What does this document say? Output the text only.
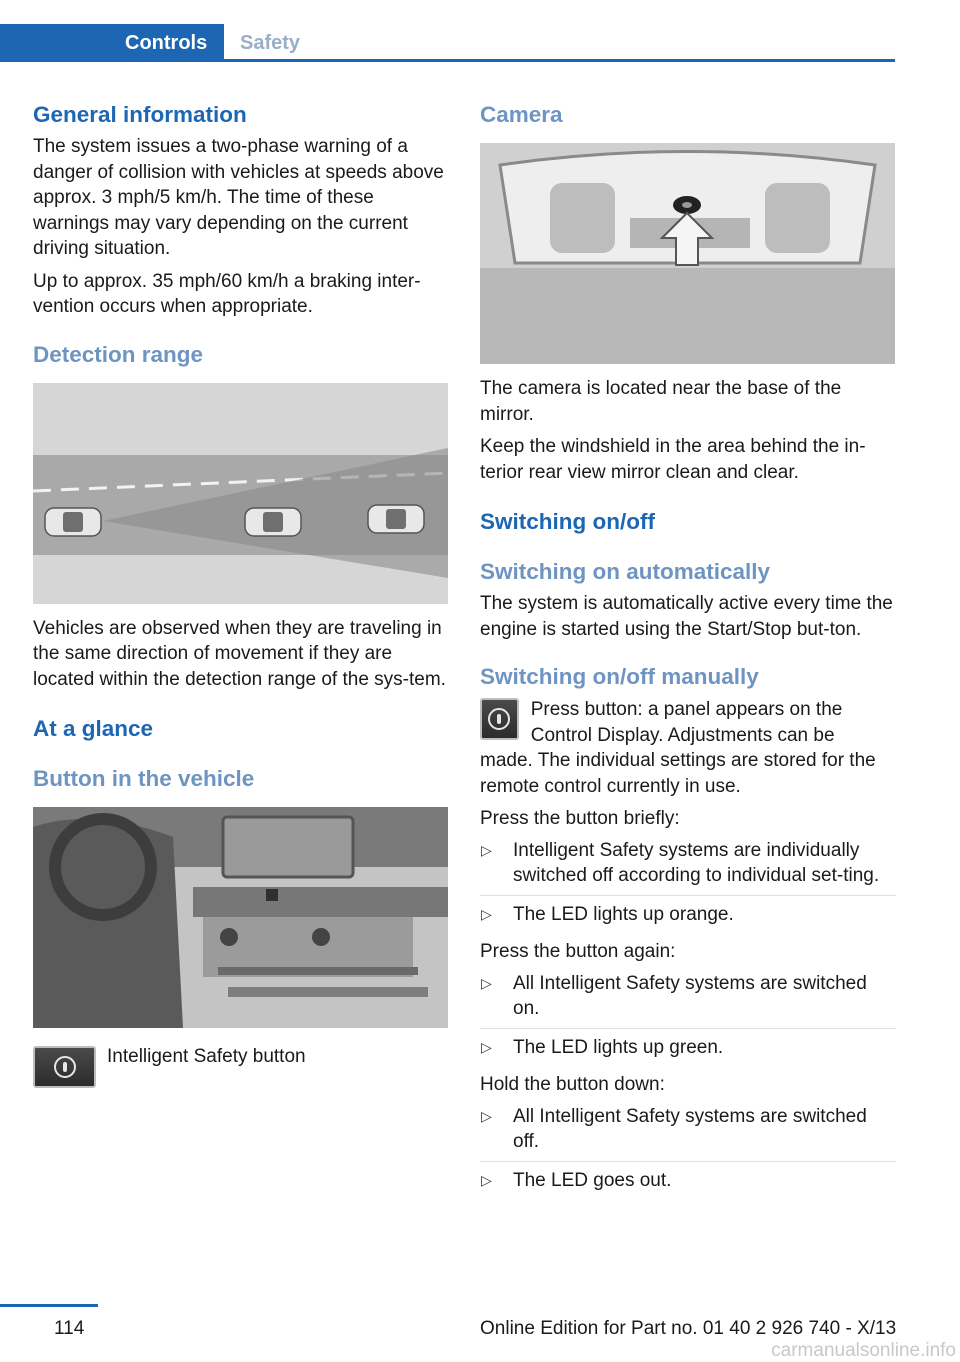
Controls	Safety
General information

The system issues a two-phase warning of a danger of collision with vehicles at speeds above approx. 3 mph/5 km/h. The time of these warnings may vary depending on the current driving situation.

Up to approx. 35 mph/60 km/h a braking inter‐vention occurs when appropriate.

Detection range

Vehicles are observed when they are traveling in the same direction of movement if they are located within the detection range of the sys‐tem.

At a glance
Button in the vehicle

Intelligent Safety button

Camera

The camera is located near the base of the mirror.

Keep the windshield in the area behind the in‐terior rear view mirror clean and clear.

Switching on/off
Switching on automatically

The system is automatically active every time the engine is started using the Start/Stop but‐ton.

Switching on/off manually

Press button: a panel appears on the Control Display. Adjustments can be

made. The individual settings are stored for the remote control currently in use.

Press the button briefly:

▷ Intelligent Safety systems are individually switched off according to individual set‐ting.
▷ The LED lights up orange.

Press the button again:

▷ All Intelligent Safety systems are switched on.
▷ The LED lights up green.

Hold the button down:

▷ All Intelligent Safety systems are switched off.
▷ The LED goes out.
114	Online Edition for Part no. 01 40 2 926 740 - X/13
carmanualsonline.info
